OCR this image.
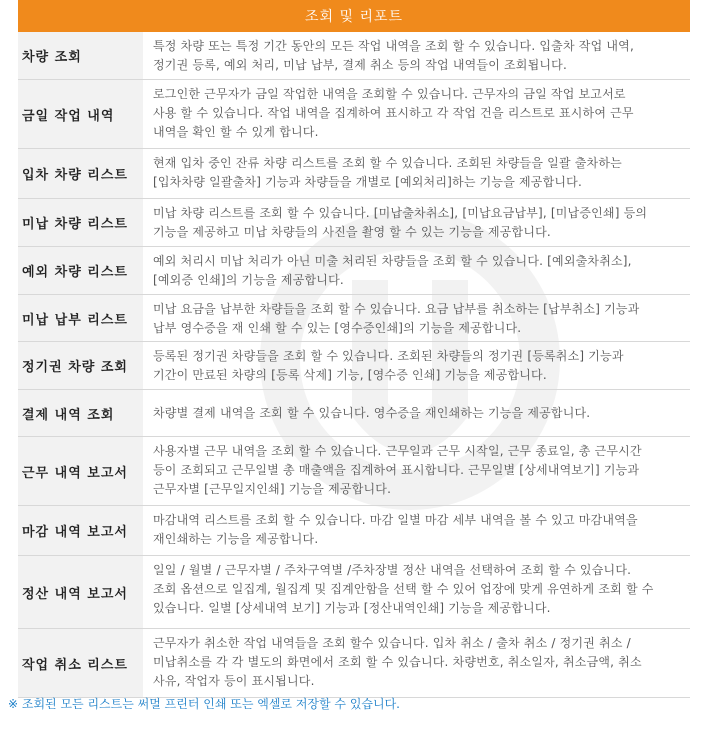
조회 및 리포트
차량 조회
특정 차량 또는 특정 기간 동안의 모든 작업 내역을 조회 할 수 있습니다. 입출차 작업 내역,
정기권 등록, 예외 처리, 미납 납부, 결제 취소 등의 작업 내역들이 조회됩니다.
금일 작업 내역
로그인한 근무자가 금일 작업한 내역을 조회할 수 있습니다. 근무자의 금일 작업 보고서로
사용 할 수 있습니다. 작업 내역을 집계하여 표시하고 각 작업 건을 리스트로 표시하여 근무
내역을 확인 할 수 있게 합니다.
입차 차량 리스트
현재 입차 중인 잔류 차량 리스트를 조회 할 수 있습니다. 조회된 차량들을 일괄 출차하는
[입차차량 일괄출차] 기능과 차량들을 개별로 [예외처리]하는 기능을 제공합니다.
미납 차량 리스트
미납 차량 리스트를 조회 할 수 있습니다. [미납출차취소], [미납요금납부], [미납증인쇄] 등의
기능을 제공하고 미납 차량들의 사진을 촬영 할 수 있는 기능을 제공합니다.
예외 차량 리스트
예외 처리시 미납 처리가 아닌 미출 처리된 차량들을 조회 할 수 있습니다. [예외출차취소],
[예외증 인쇄]의 기능을 제공합니다.
미납 납부 리스트
미납 요금을 납부한 차량들을 조회 할 수 있습니다. 요금 납부를 취소하는 [납부취소] 기능과
납부 영수증을 재 인쇄 할 수 있는 [영수증인쇄]의 기능을 제공합니다.
정기권 차량 조회
등록된 정기권 차량들을 조회 할 수 있습니다. 조회된 차량들의 정기권 [등록취소] 기능과
기간이 만료된 차량의 [등록 삭제] 기능, [영수증 인쇄] 기능을 제공합니다.
결제 내역 조회	차량별 결제 내역을 조회 할 수 있습니다. 영수증을 재인쇄하는 기능을 제공합니다.
근무 내역 보고서
사용자별 근무 내역을 조회 할 수 있습니다. 근무일과 근무 시작일, 근무 종료일, 총 근무시간
등이 조회되고 근무일별 총 매출액을 집계하여 표시합니다. 근무일별 [상세내역보기] 기능과
근무자별 [근무일지인쇄] 기능을 제공합니다.
마감 내역 보고서
마감내역 리스트를 조회 할 수 있습니다. 마감 일별 마감 세부 내역을 볼 수 있고 마감내역을
재인쇄하는 기능을 제공합니다.
정산 내역 보고서
일일 / 월별 / 근무자별 / 주차구역별 /주차장별 정산 내역을 선택하여 조회 할 수 있습니다.
조회 옵션으로 일집계, 월집계 및 집계안함을 선택 할 수 있어 업장에 맞게 유연하게 조회 할 수
있습니다. 일별 [상세내역 보기] 기능과 [정산내역인쇄] 기능을 제공합니다.
작업 취소 리스트
근무자가 취소한 작업 내역들을 조회 할수 있습니다. 입차 취소 / 출차 취소 / 정기권 취소 /
미납취소를 각 각 별도의 화면에서 조회 할 수 있습니다. 차량번호, 취소일자, 취소금액, 취소
사유, 작업자 등이 표시됩니다.
※ 조회된 모든 리스트는 써멀 프린터 인쇄 또는 엑셀로 저장할 수 있습니다.
